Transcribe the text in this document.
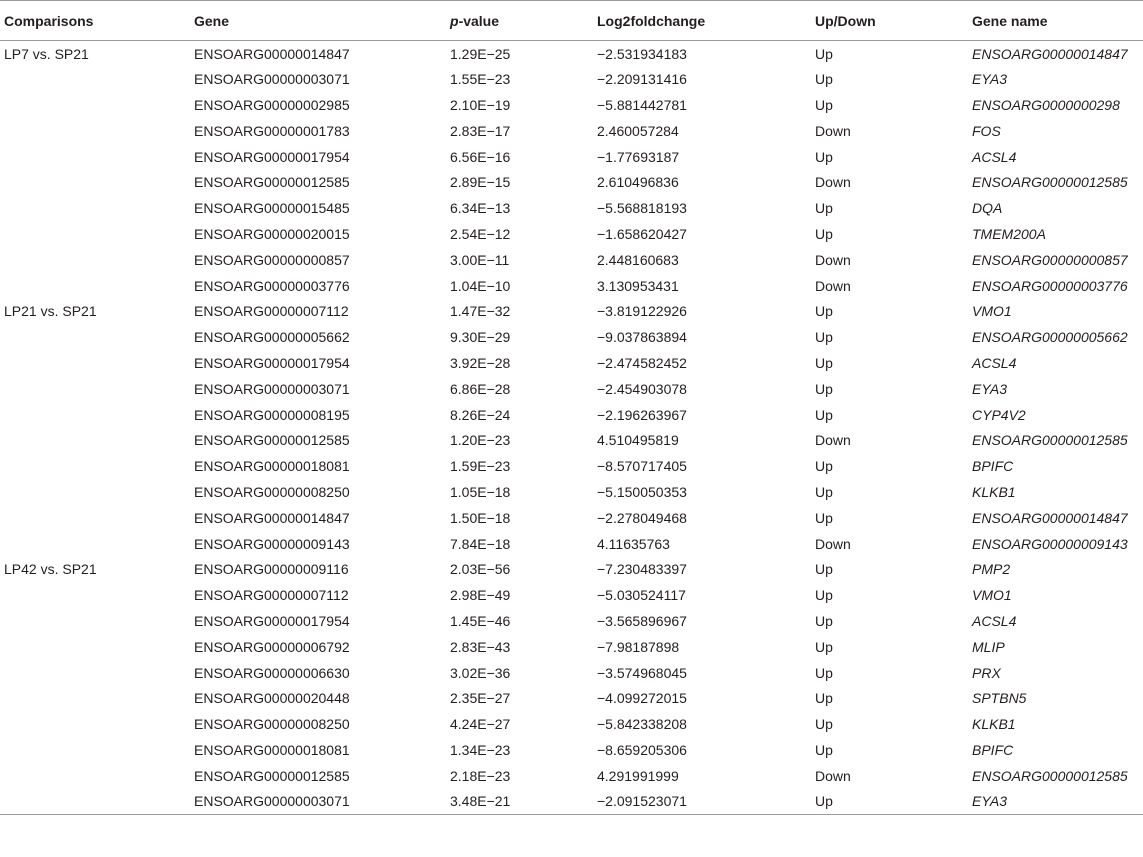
Comparisons	Gene	p-value	Log2foldchange	Up/Down	Gene name
LP7 vs. SP21	ENSOARG00000014847	1.29E−25	−2.531934183	Up	ENSOARG00000014847
	ENSOARG00000003071	1.55E−23	−2.209131416	Up	EYA3
	ENSOARG00000002985	2.10E−19	−5.881442781	Up	ENSOARG0000000298
	ENSOARG00000001783	2.83E−17	2.460057284	Down	FOS
	ENSOARG00000017954	6.56E−16	−1.77693187	Up	ACSL4
	ENSOARG00000012585	2.89E−15	2.610496836	Down	ENSOARG00000012585
	ENSOARG00000015485	6.34E−13	−5.568818193	Up	DQA
	ENSOARG00000020015	2.54E−12	−1.658620427	Up	TMEM200A
	ENSOARG00000000857	3.00E−11	2.448160683	Down	ENSOARG00000000857
	ENSOARG00000003776	1.04E−10	3.130953431	Down	ENSOARG00000003776
LP21 vs. SP21	ENSOARG00000007112	1.47E−32	−3.819122926	Up	VMO1
	ENSOARG00000005662	9.30E−29	−9.037863894	Up	ENSOARG00000005662
	ENSOARG00000017954	3.92E−28	−2.474582452	Up	ACSL4
	ENSOARG00000003071	6.86E−28	−2.454903078	Up	EYA3
	ENSOARG00000008195	8.26E−24	−2.196263967	Up	CYP4V2
	ENSOARG00000012585	1.20E−23	4.510495819	Down	ENSOARG00000012585
	ENSOARG00000018081	1.59E−23	−8.570717405	Up	BPIFC
	ENSOARG00000008250	1.05E−18	−5.150050353	Up	KLKB1
	ENSOARG00000014847	1.50E−18	−2.278049468	Up	ENSOARG00000014847
	ENSOARG00000009143	7.84E−18	4.11635763	Down	ENSOARG00000009143
LP42 vs. SP21	ENSOARG00000009116	2.03E−56	−7.230483397	Up	PMP2
	ENSOARG00000007112	2.98E−49	−5.030524117	Up	VMO1
	ENSOARG00000017954	1.45E−46	−3.565896967	Up	ACSL4
	ENSOARG00000006792	2.83E−43	−7.98187898	Up	MLIP
	ENSOARG00000006630	3.02E−36	−3.574968045	Up	PRX
	ENSOARG00000020448	2.35E−27	−4.099272015	Up	SPTBN5
	ENSOARG00000008250	4.24E−27	−5.842338208	Up	KLKB1
	ENSOARG00000018081	1.34E−23	−8.659205306	Up	BPIFC
	ENSOARG00000012585	2.18E−23	4.291991999	Down	ENSOARG00000012585
	ENSOARG00000003071	3.48E−21	−2.091523071	Up	EYA3
